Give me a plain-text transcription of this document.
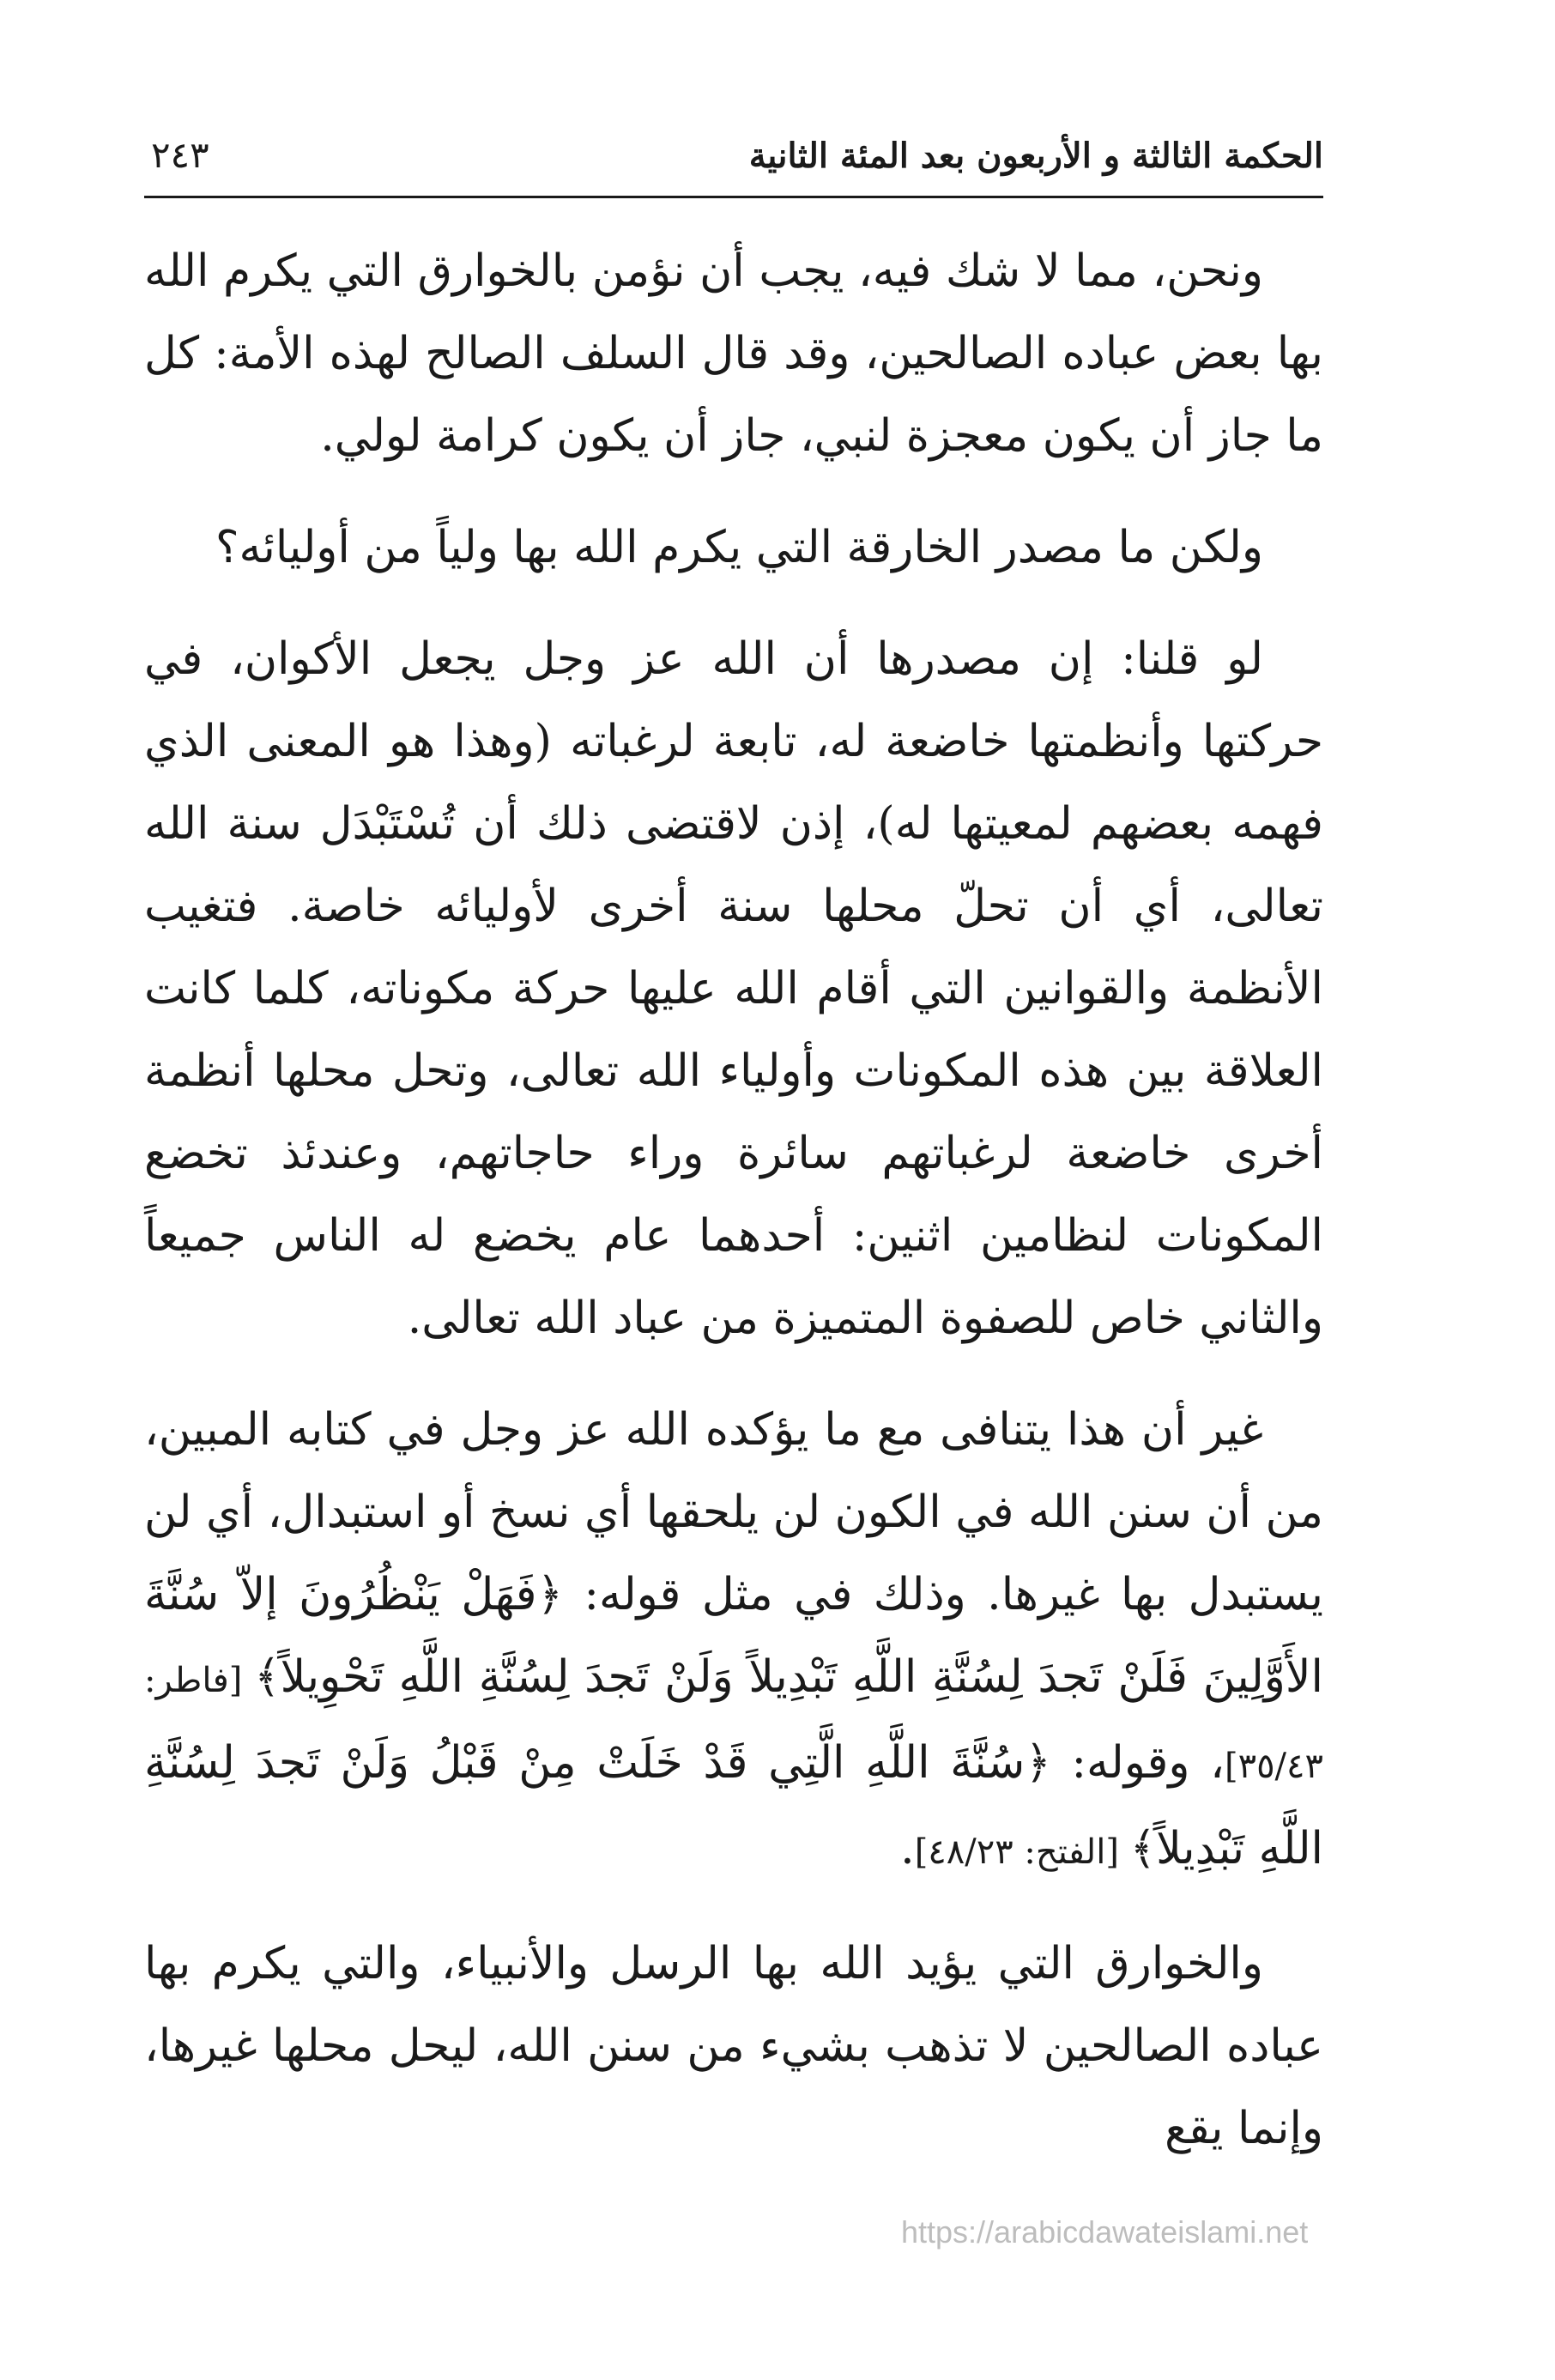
الحكمة الثالثة و الأربعون بعد المئة الثانية
٢٤٣

ونحن، مما لا شك فيه، يجب أن نؤمن بالخوارق التي يكرم الله بها بعض عباده الصالحين، وقد قال السلف الصالح لهذه الأمة: كل ما جاز أن يكون معجزة لنبي، جاز أن يكون كرامة لولي.

ولكن ما مصدر الخارقة التي يكرم الله بها ولياً من أوليائه؟

لو قلنا: إن مصدرها أن الله عز وجل يجعل الأكوان، في حركتها وأنظمتها خاضعة له، تابعة لرغباته (وهذا هو المعنى الذي فهمه بعضهم لمعيتها له)، إذن لاقتضى ذلك أن تُسْتَبْدَل سنة الله تعالى، أي أن تحلّ محلها سنة أخرى لأوليائه خاصة. فتغيب الأنظمة والقوانين التي أقام الله عليها حركة مكوناته، كلما كانت العلاقة بين هذه المكونات وأولياء الله تعالى، وتحل محلها أنظمة أخرى خاضعة لرغباتهم سائرة وراء حاجاتهم، وعندئذ تخضع المكونات لنظامين اثنين: أحدهما عام يخضع له الناس جميعاً والثاني خاص للصفوة المتميزة من عباد الله تعالى.

غير أن هذا يتنافى مع ما يؤكده الله عز وجل في كتابه المبين، من أن سنن الله في الكون لن يلحقها أي نسخ أو استبدال، أي لن يستبدل بها غيرها. وذلك في مثل قوله: ﴿فَهَلْ يَنْظُرُونَ إلاّ سُنَّةَ الأَوَّلِينَ فَلَنْ تَجدَ لِسُنَّةِ اللَّهِ تَبْدِيلاً وَلَنْ تَجدَ لِسُنَّةِ اللَّهِ تَحْوِيلاً﴾ [فاطر: ٣٥/٤٣]، وقوله: ﴿سُنَّةَ اللَّهِ الَّتِي قَدْ خَلَتْ مِنْ قَبْلُ وَلَنْ تَجدَ لِسُنَّةِ اللَّهِ تَبْدِيلاً﴾ [الفتح: ٤٨/٢٣].

والخوارق التي يؤيد الله بها الرسل والأنبياء، والتي يكرم بها عباده الصالحين لا تذهب بشيء من سنن الله، ليحل محلها غيرها، وإنما يقع

https://arabicdawateislami.net
